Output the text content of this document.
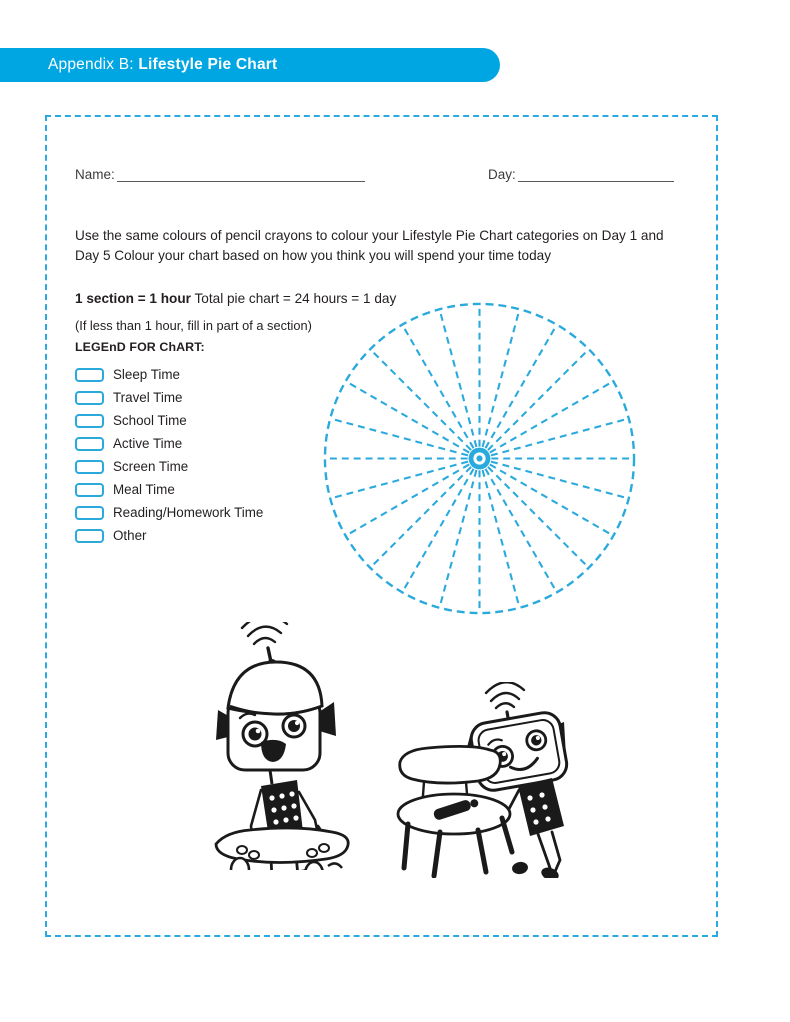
Appendix B: Lifestyle Pie Chart
Name:	Day:
Use the same colours of pencil crayons to colour your Lifestyle Pie Chart categories on Day 1 and Day 5 Colour your chart based on how you think you will spend your time today
1 section = 1 hour Total pie chart = 24 hours = 1 day
(If less than 1 hour, fill in part of a section)
LEGEnD FOR ChART:
Sleep Time
Travel Time
School Time
Active Time
Screen Time
Meal Time
Reading/Homework Time
Other
